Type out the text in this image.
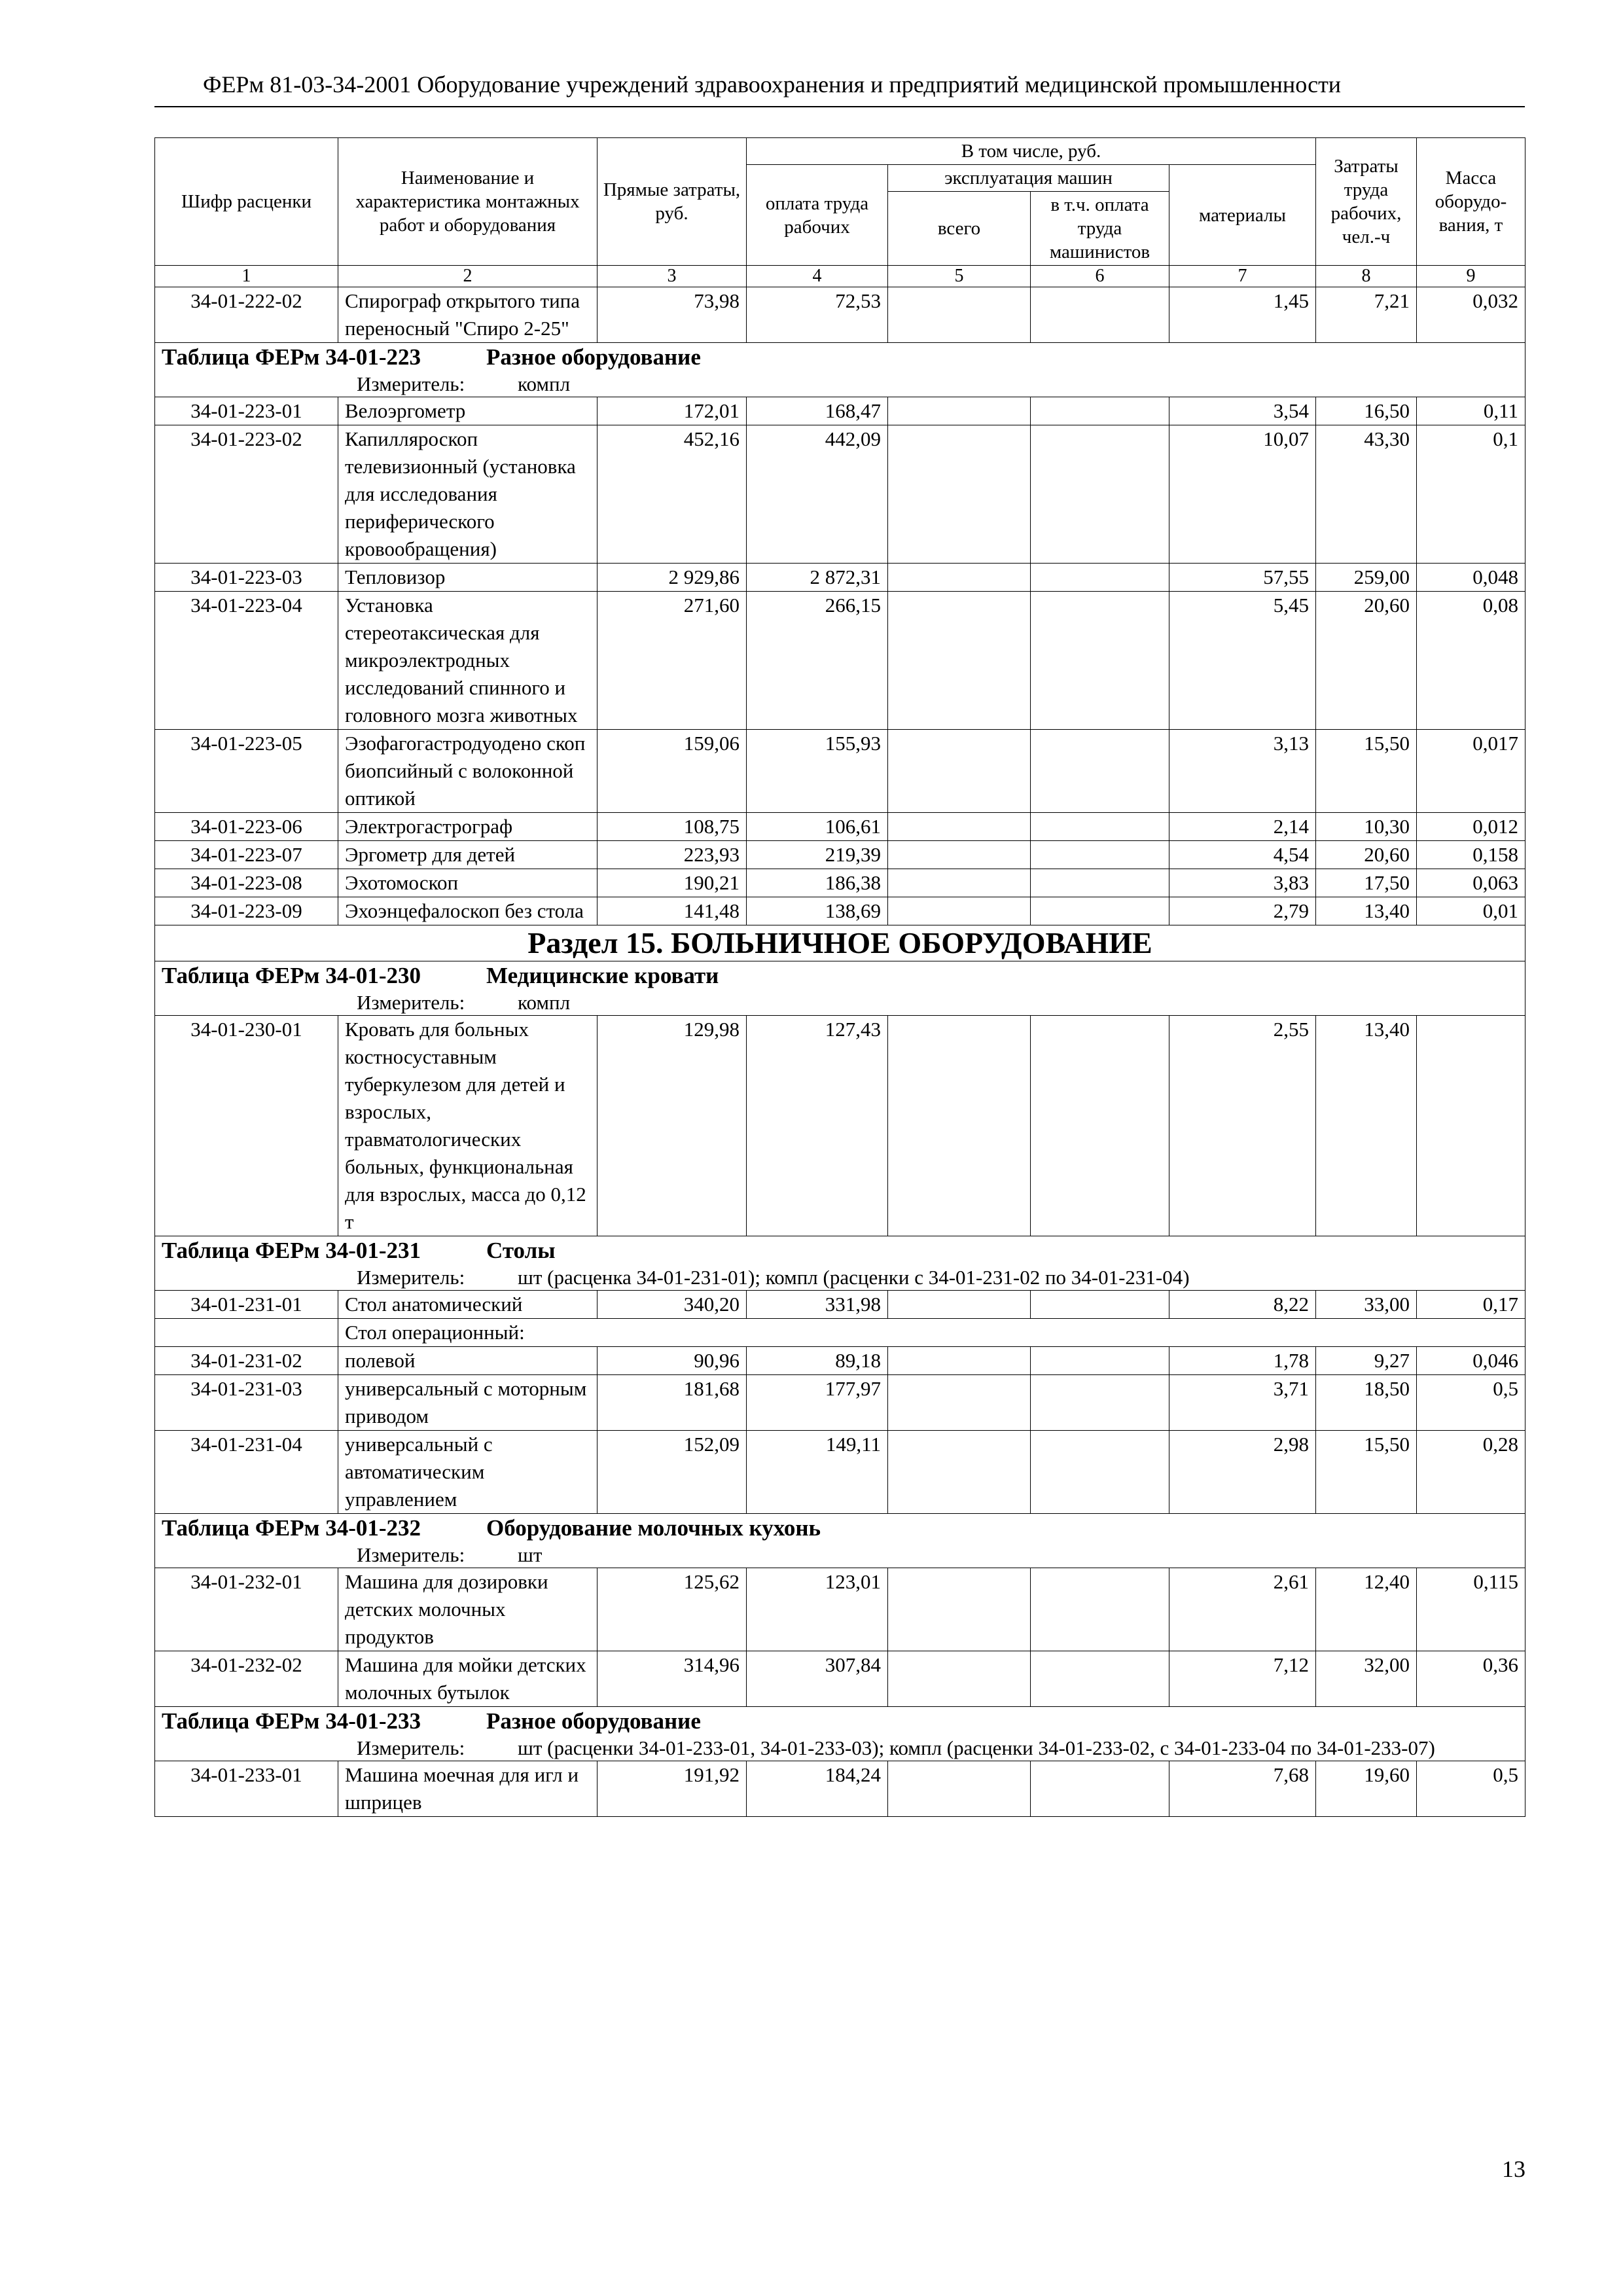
ФЕРм 81-03-34-2001 Оборудование учреждений здравоохранения и предприятий медицинской промышленности
Шифр расценки	Наименование и характеристика монтажных работ и оборудования	Прямые затраты, руб.	В том числе, руб.				Затраты труда рабочих, чел.-ч	Масса оборудо-вания, т
			оплата труда рабочих	эксплуатация машин		материалы		
				всего	в т.ч. оплата труда машинистов			
1	2	3	4	5	6	7	8	9
34-01-222-02	Спирограф открытого типа переносный "Спиро 2-25"	73,98	72,53			1,45	7,21	0,032
Таблица ФЕРм 34-01-223 Разное оборудование								

Измеритель: компл								

34-01-223-01	Велоэргометр	172,01	168,47			3,54	16,50	0,11
34-01-223-02	Капилляроскоп телевизионный (установка для исследования периферического кровообращения)	452,16	442,09			10,07	43,30	0,1
34-01-223-03	Тепловизор	2 929,86	2 872,31			57,55	259,00	0,048
34-01-223-04	Установка стереотаксическая для микроэлектродных исследований спинного и головного мозга животных	271,60	266,15			5,45	20,60	0,08
34-01-223-05	Эзофагогастродуодено скоп биопсийный с волоконной оптикой	159,06	155,93			3,13	15,50	0,017
34-01-223-06	Электрогастрограф	108,75	106,61			2,14	10,30	0,012
34-01-223-07	Эргометр для детей	223,93	219,39			4,54	20,60	0,158
34-01-223-08	Эхотомоскоп	190,21	186,38			3,83	17,50	0,063
34-01-223-09	Эхоэнцефалоскоп без стола	141,48	138,69			2,79	13,40	0,01
Раздел 15. БОЛЬНИЧНОЕ ОБОРУДОВАНИЕ								
Таблица ФЕРм 34-01-230 Медицинские кровати								

Измеритель: компл								

34-01-230-01	Кровать для больных костносуставным туберкулезом для детей и взрослых, травматологических больных, функциональная для взрослых, масса до 0,12 т	129,98	127,43			2,55	13,40	
Таблица ФЕРм 34-01-231 Столы								

Измеритель: шт (расценка 34-01-231-01); компл (расценки с 34-01-231-02 по 34-01-231-04)								

34-01-231-01	Стол анатомический	340,20	331,98			8,22	33,00	0,17
	Стол операционный:							
34-01-231-02	полевой	90,96	89,18			1,78	9,27	0,046
34-01-231-03	универсальный с моторным приводом	181,68	177,97			3,71	18,50	0,5
34-01-231-04	универсальный с автоматическим управлением	152,09	149,11			2,98	15,50	0,28
Таблица ФЕРм 34-01-232 Оборудование молочных кухонь								

Измеритель: шт								

34-01-232-01	Машина для дозировки детских молочных продуктов	125,62	123,01			2,61	12,40	0,115
34-01-232-02	Машина для мойки детских молочных бутылок	314,96	307,84			7,12	32,00	0,36
Таблица ФЕРм 34-01-233 Разное оборудование								

Измеритель: шт (расценки 34-01-233-01, 34-01-233-03); компл (расценки 34-01-233-02, с 34-01-233-04 по 34-01-233-07)								

34-01-233-01	Машина моечная для игл и шприцев	191,92	184,24			7,68	19,60	0,5
13
